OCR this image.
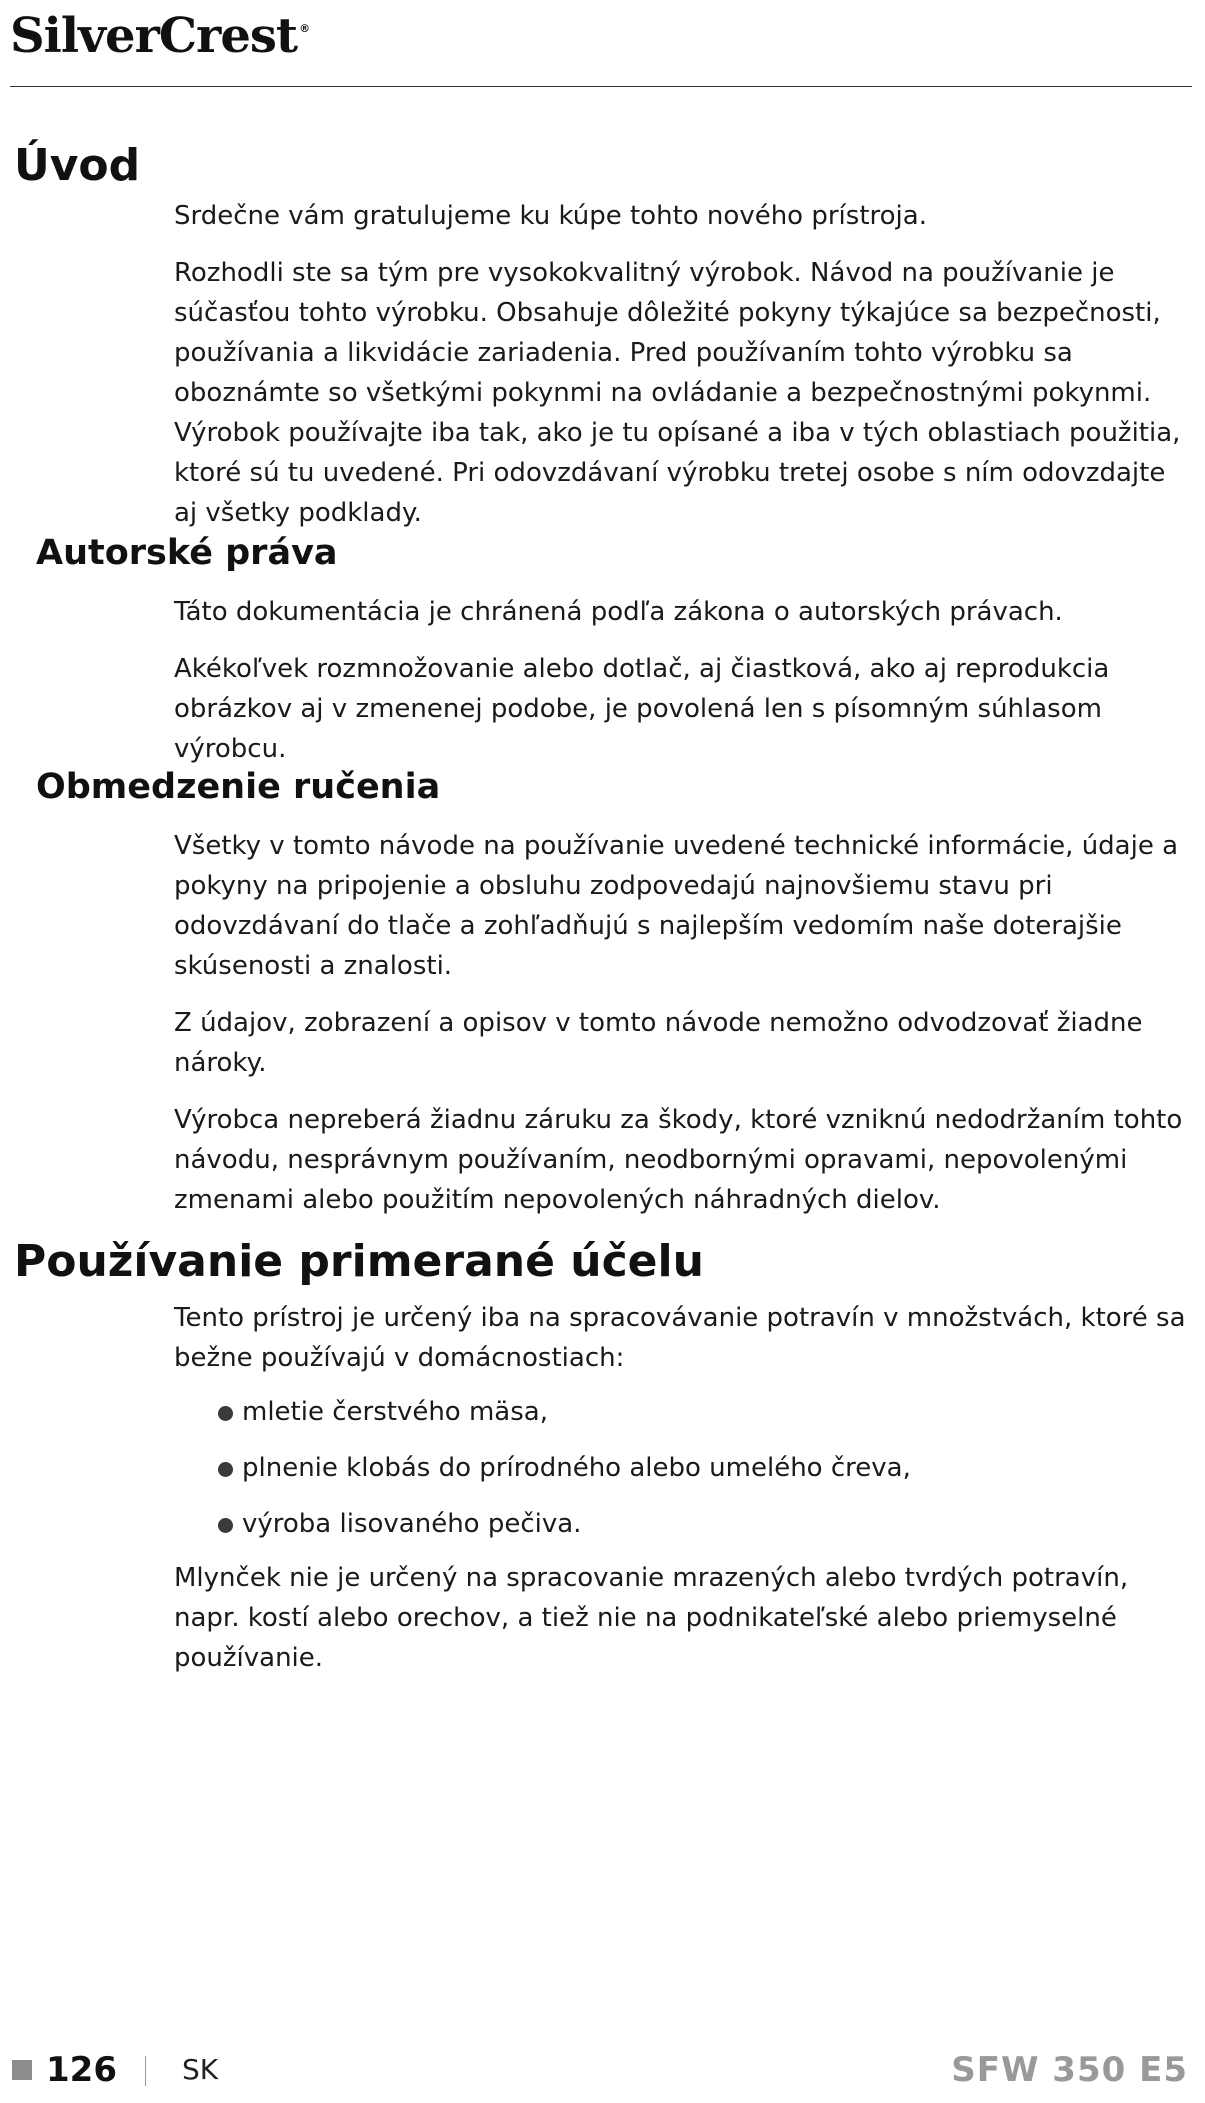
SilverCrest ®
Úvod

Srdečne vám gratulujeme ku kúpe tohto nového prístroja.

Rozhodli ste sa tým pre vysokokvalitný výrobok. Návod na používanie je súčasťou tohto výrobku. Obsahuje dôležité pokyny týkajúce sa bezpečnosti, používania a likvidácie zariadenia. Pred používaním tohto výrobku sa oboznámte so všetkými pokynmi na ovládanie a bezpečnostnými pokynmi. Výrobok používajte iba tak, ako je tu opísané a iba v tých oblastiach použitia, ktoré sú tu uvedené. Pri odovzdávaní výrobku tretej osobe s ním odovzdajte aj všetky podklady.

Autorské práva

Táto dokumentácia je chránená podľa zákona o autorských právach.

Akékoľvek rozmnožovanie alebo dotlač, aj čiastková, ako aj reprodukcia obrázkov aj v zmenenej podobe, je povolená len s písomným súhlasom výrobcu.

Obmedzenie ručenia

Všetky v tomto návode na používanie uvedené technické informácie, údaje a pokyny na pripojenie a obsluhu zodpovedajú najnovšiemu stavu pri odovzdávaní do tlače a zohľadňujú s najlepším vedomím naše doterajšie skúsenosti a znalosti.

Z údajov, zobrazení a opisov v tomto návode nemožno odvodzovať žiadne nároky.

Výrobca nepreberá žiadnu záruku za škody, ktoré vzniknú nedodržaním tohto návodu, nesprávnym používaním, neodbornými opravami, nepovolenými zmenami alebo použitím nepovolených náhradných dielov.

Používanie primerané účelu

Tento prístroj je určený iba na spracovávanie potravín v množstvách, ktoré sa bežne používajú v domácnostiach:

mletie čerstvého mäsa,
plnenie klobás do prírodného alebo umelého čreva,
výroba lisovaného pečiva.

Mlynček nie je určený na spracovanie mrazených alebo tvrdých potravín, napr. kostí alebo orechov, a tiež nie na podnikateľské alebo priemyselné používanie.

126 SK	SFW 350 E5
